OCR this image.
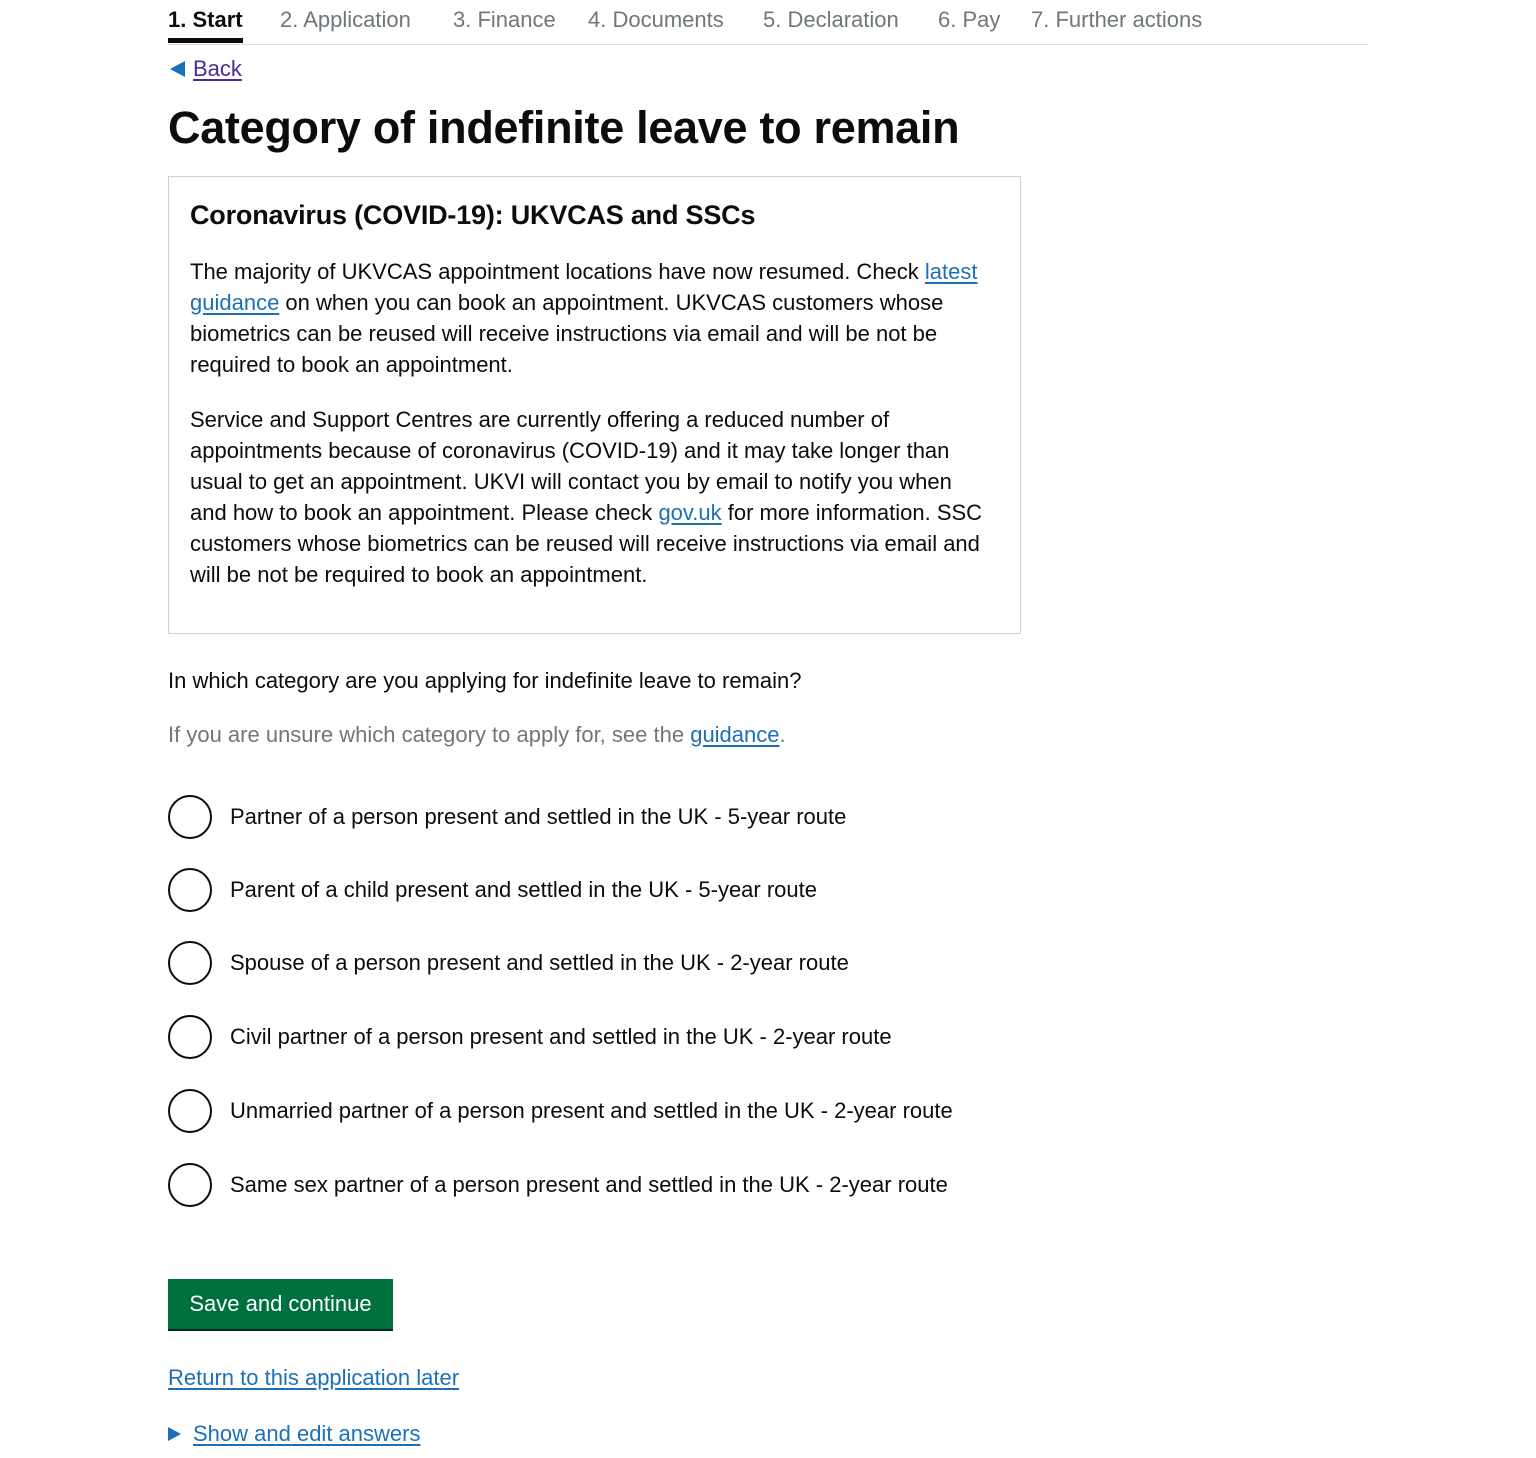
1. Start 2. Application 3. Finance 4. Documents 5. Declaration 6. Pay 7. Further actions
Back
Category of indefinite leave to remain
Coronavirus (COVID-19): UKVCAS and SSCs

The majority of UKVCAS appointment locations have now resumed. Check latest guidance on when you can book an appointment. UKVCAS customers whose biometrics can be reused will receive instructions via email and will be not be required to book an appointment.

Service and Support Centres are currently offering a reduced number of appointments because of coronavirus (COVID-19) and it may take longer than usual to get an appointment. UKVI will contact you by email to notify you when and how to book an appointment. Please check gov.uk for more information. SSC customers whose biometrics can be reused will receive instructions via email and will be not be required to book an appointment.

In which category are you applying for indefinite leave to remain?

If you are unsure which category to apply for, see the guidance.

Partner of a person present and settled in the UK - 5-year route
Parent of a child present and settled in the UK - 5-year route
Spouse of a person present and settled in the UK - 2-year route
Civil partner of a person present and settled in the UK - 2-year route
Unmarried partner of a person present and settled in the UK - 2-year route
Same sex partner of a person present and settled in the UK - 2-year route
Save and continue
Return to this application later
Show and edit answers
